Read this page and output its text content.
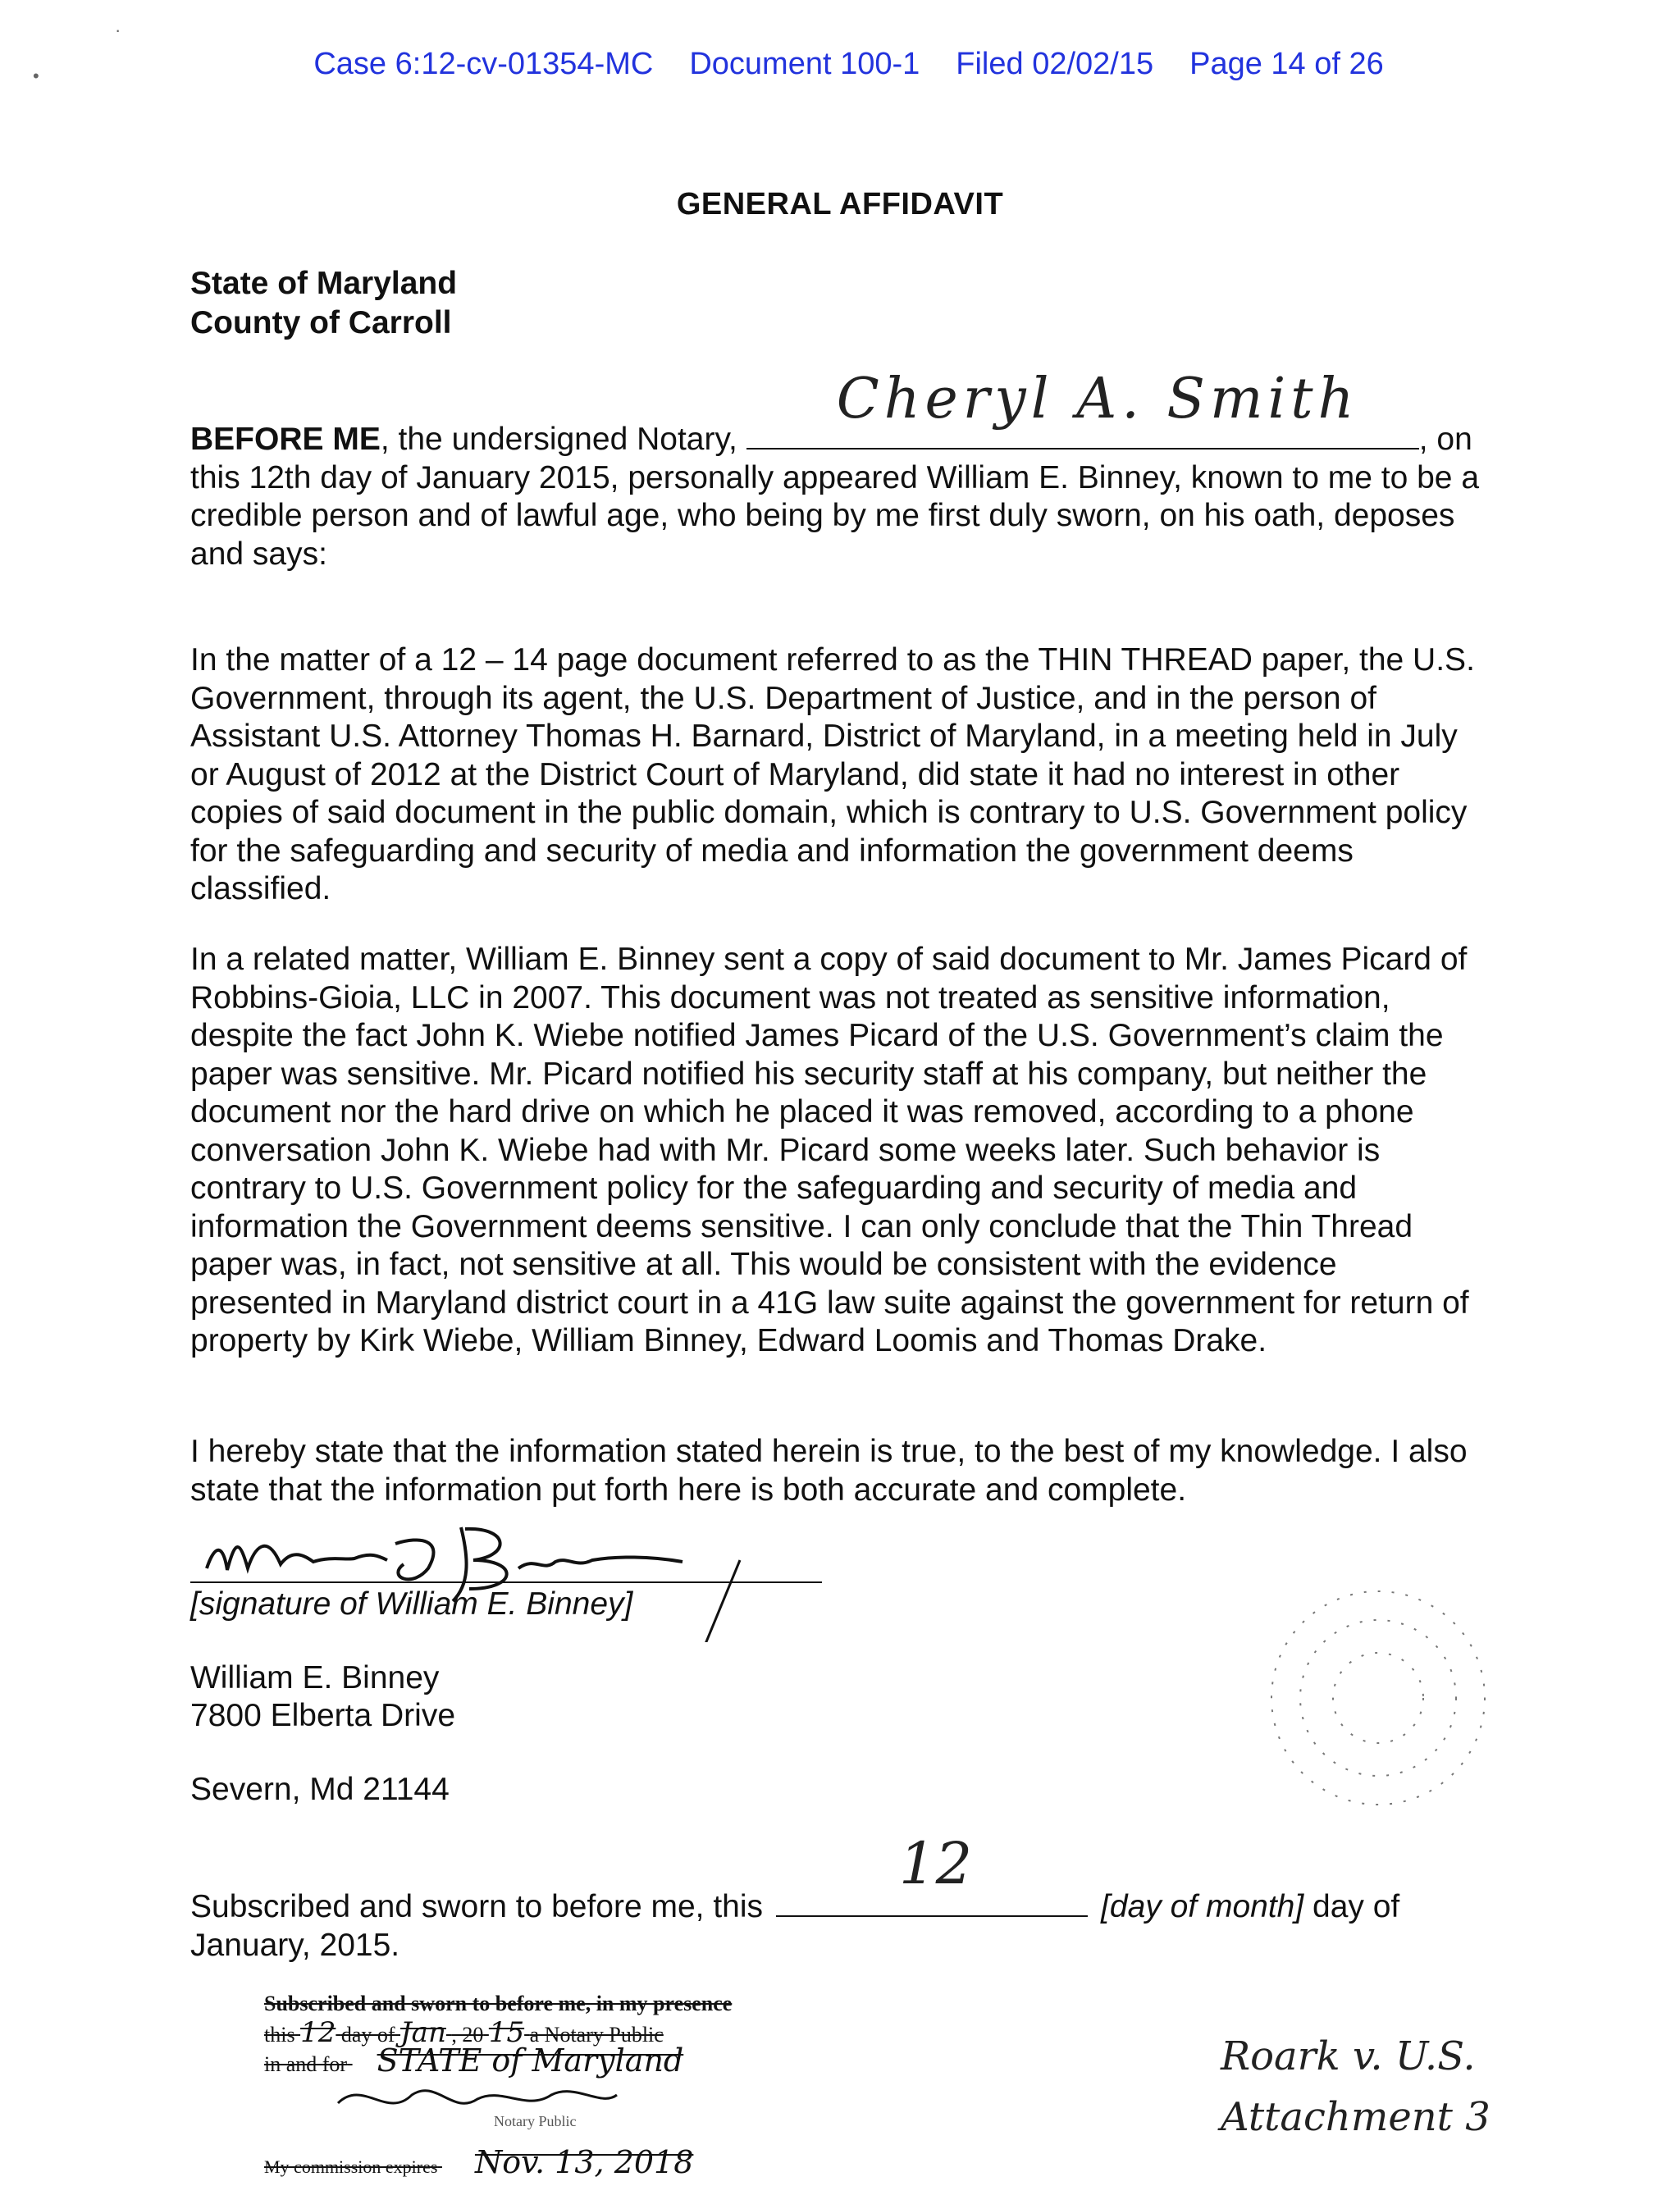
Case 6:12-cv-01354-MC Document 100-1 Filed 02/02/15 Page 14 of 26

·
•
GENERAL AFFIDAVIT
State of Maryland
County of Carroll
BEFORE ME, the undersigned Notary,
Cheryl A. Smith
, on this 12th day of January 2015, personally appeared William E. Binney, known to me to be a credible person and of lawful age, who being by me first duly sworn, on his oath, deposes and says:
In the matter of a 12 – 14 page document referred to as the THIN THREAD paper, the U.S. Government, through its agent, the U.S. Department of Justice, and in the person of Assistant U.S. Attorney Thomas H. Barnard, District of Maryland, in a meeting held in July or August of 2012 at the District Court of Maryland, did state it had no interest in other copies of said document in the public domain, which is contrary to U.S. Government policy for the safeguarding and security of media and information the government deems classified.
In a related matter, William E. Binney sent a copy of said document to Mr. James Picard of Robbins-Gioia, LLC in 2007. This document was not treated as sensitive information, despite the fact John K. Wiebe notified James Picard of the U.S. Government’s claim the paper was sensitive. Mr. Picard notified his security staff at his company, but neither the document nor the hard drive on which he placed it was removed, according to a phone conversation John K. Wiebe had with Mr. Picard some weeks later. Such behavior is contrary to U.S. Government policy for the safeguarding and security of media and information the Government deems sensitive. I can only conclude that the Thin Thread paper was, in fact, not sensitive at all. This would be consistent with the evidence presented in Maryland district court in a 41G law suite against the government for return of property by Kirk Wiebe, William Binney, Edward Loomis and Thomas Drake.
I hereby state that the information stated herein is true, to the best of my knowledge. I also state that the information put forth here is both accurate and complete.
[signature of William E. Binney]
William E. Binney
7800 Elberta Drive
Severn, Md 21144
Subscribed and sworn to before me, this
12
[day of month] day of
January, 2015.
Subscribed and sworn to before me, in my presence
this 12 day of Jan , 20 15 a Notary Public
in and for STATE of Maryland
Notary Public
My commission expires Nov. 13, 2018
Roark v. U.S.
Attachment 3
